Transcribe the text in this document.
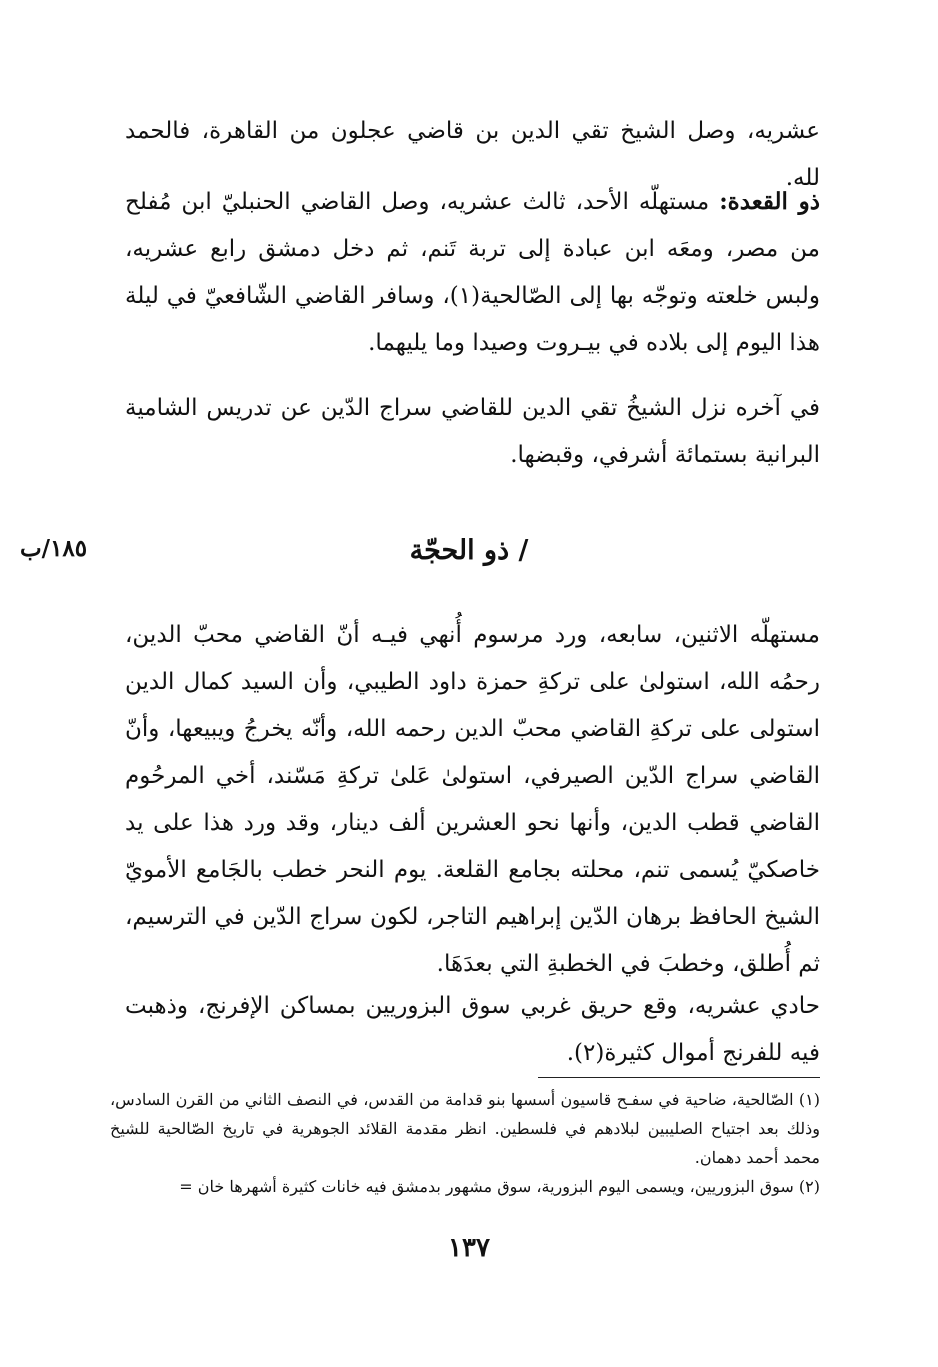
عشريه، وصل الشيخ تقي الدين بن قاضي عجلون من القاهرة، فالحمد لله.
ذو القعدة: مستهلّه الأحد، ثالث عشريه، وصل القاضي الحنبليّ ابن مُفلح من مصر، ومعَه ابن عبادة إلى تربة تَنم، ثم دخل دمشق رابع عشريه، ولبس خلعته وتوجّه بها إلى الصّالحية(١)، وسافر القاضي الشّافعيّ في ليلة هذا اليوم إلى بلاده في بيـروت وصيدا وما يليهما.
في آخره نزل الشيخُ تقي الدين للقاضي سراج الدّين عن تدريس الشامية البرانية بستمائة أشرفي، وقبضها.
١٨٥/ب	/ ذو الحجّة
مستهلّه الاثنين، سابعه، ورد مرسوم أُنهي فيـه أنّ القاضي محبّ الدين، رحمُه الله، استولىٰ على تركةِ حمزة داود الطيبي، وأن السيد كمال الدين استولى على تركةِ القاضي محبّ الدين رحمه الله، وأنّه يخرجُ ويبيعها، وأنّ القاضي سراج الدّين الصيرفي، استولىٰ عَلىٰ تركةِ مَسّند، أخي المرحُوم القاضي قطب الدين، وأنها نحو العشرين ألف دينار، وقد ورد هذا على يد خاصكيّ يُسمى تنم، محلته بجامع القلعة. يوم النحر خطب بالجَامع الأمويّ الشيخ الحافظ برهان الدّين إبراهيم التاجر، لكون سراج الدّين في الترسيم، ثم أُطلق، وخطبَ في الخطبةِ التي بعدَهَا.
حادي عشريه، وقع حريق غربي سوق البزوريين بمساكن الإفرنج، وذهبت فيه للفرنج أموال كثيرة(٢).

(١) الصّالحية، ضاحية في سفـح قاسيون أسسها بنو قدامة من القدس، في النصف الثاني من القرن السادس، وذلك بعد اجتياح الصليبين لبلادهم في فلسطين. انظر مقدمة القلائد الجوهرية في تاريخ الصّالحية للشيخ محمد أحمد دهمان.

(٢) سوق البزوريين، ويسمى اليوم البزورية، سوق مشهور بدمشق فيه خانات كثيرة أشهرها خان =

١٣٧
